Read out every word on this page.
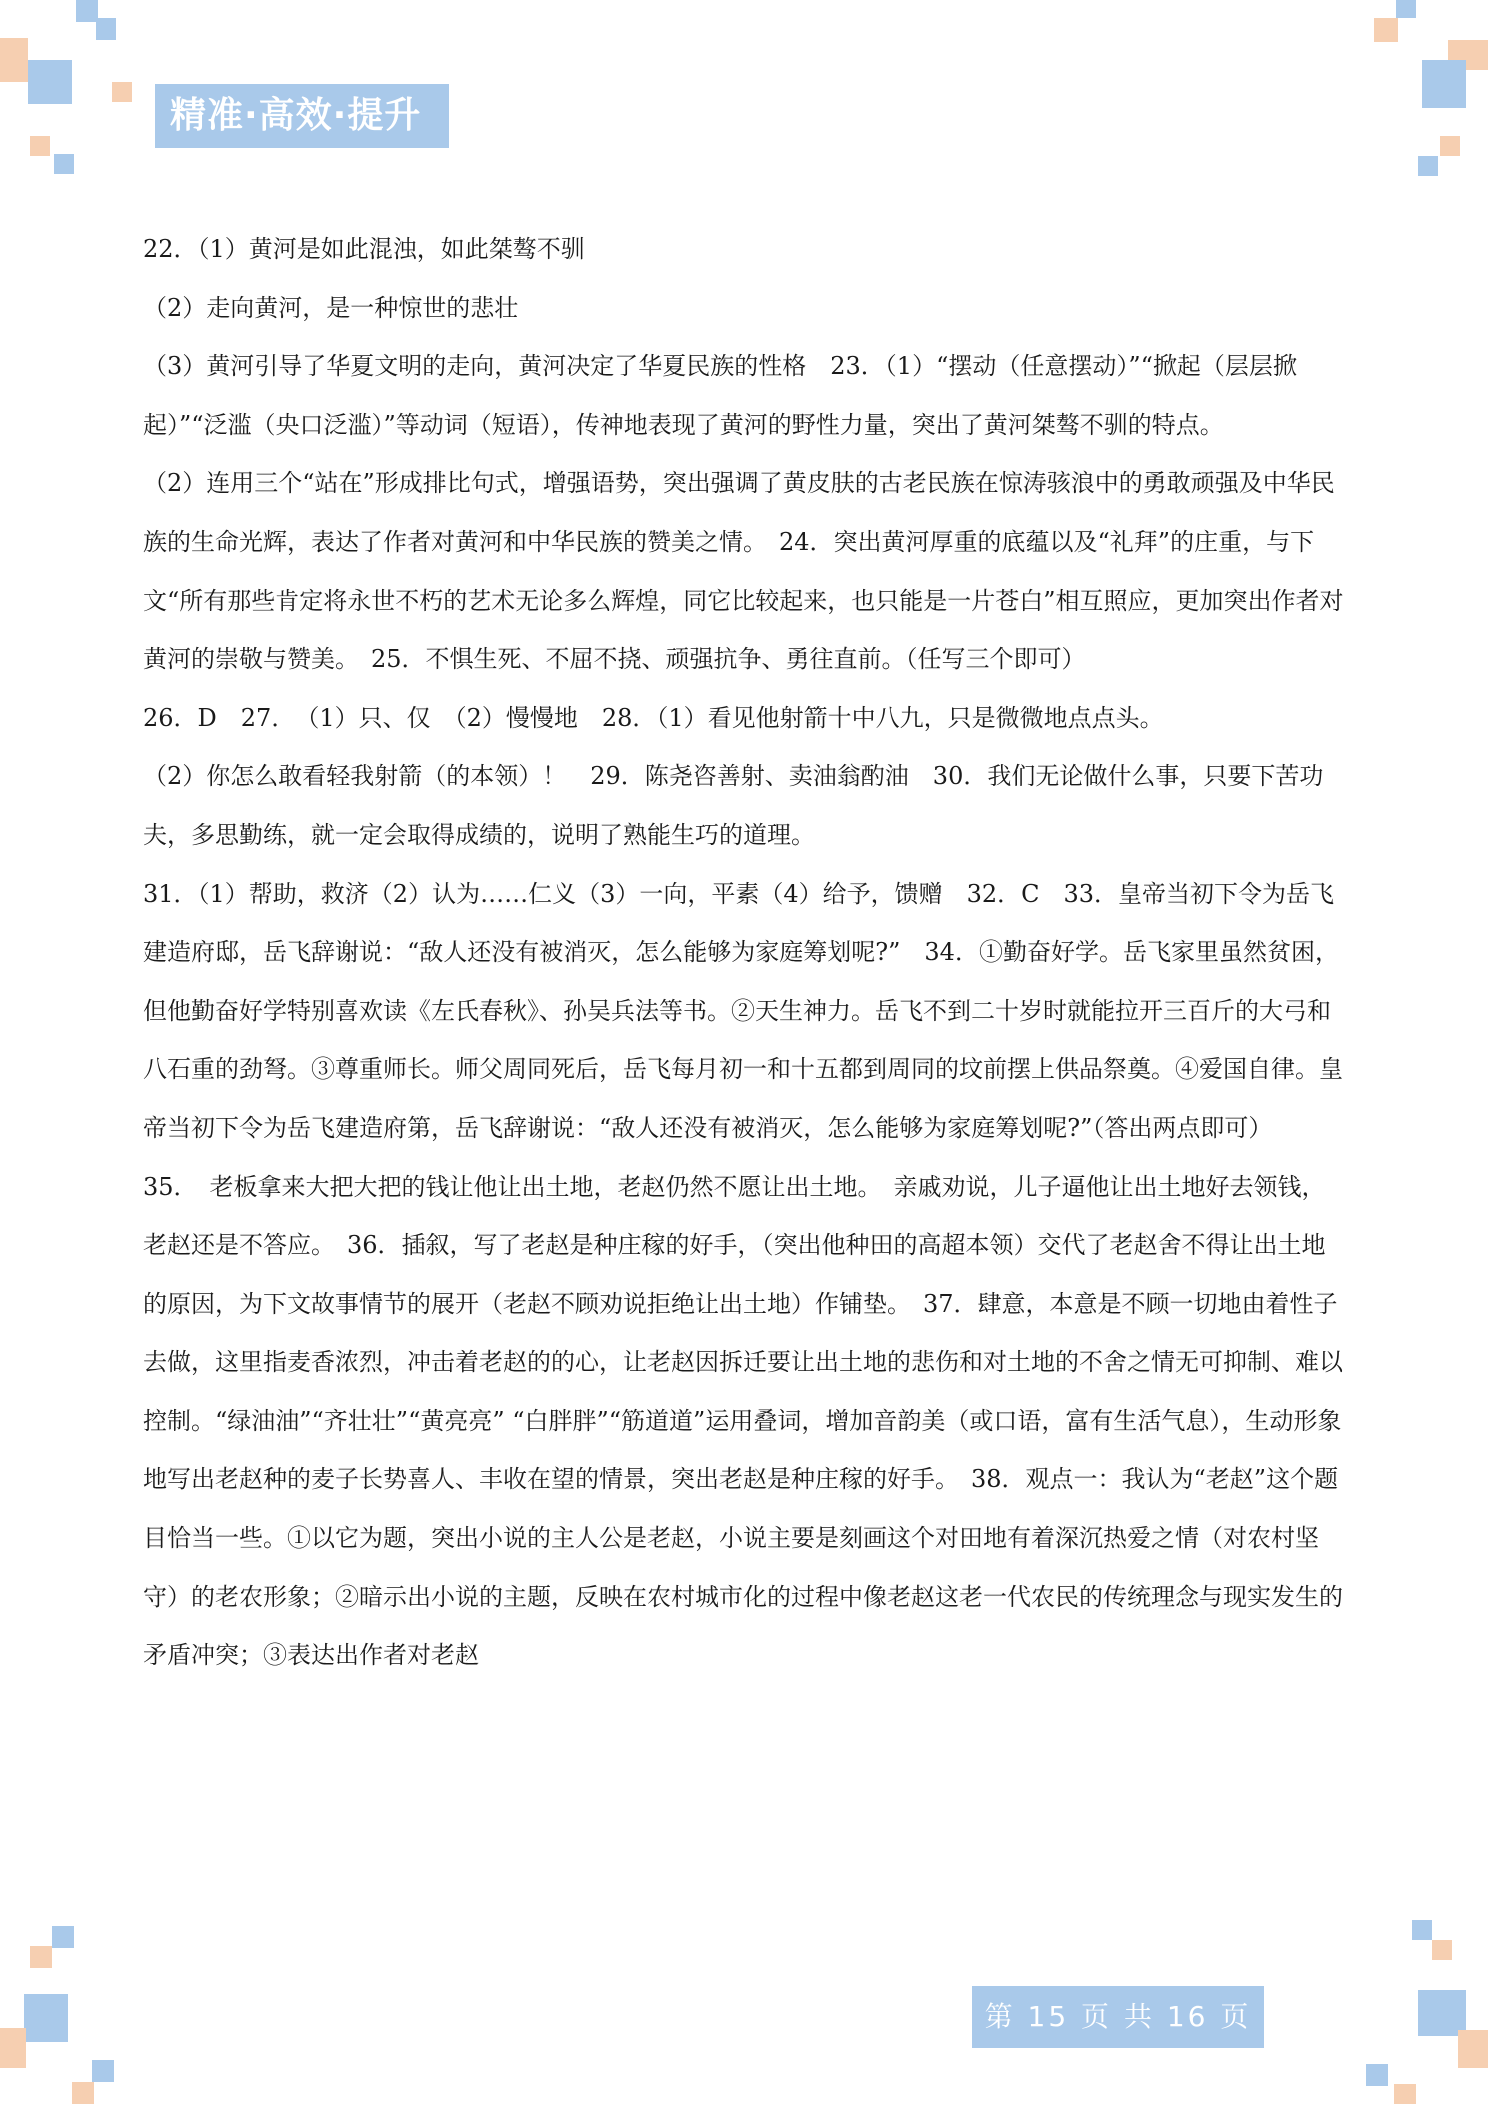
精准·高效·提升

22．（1）黄河是如此混浊，如此桀骜不驯

（2）走向黄河，是一种惊世的悲壮

（3）黄河引导了华夏文明的走向，黄河决定了华夏民族的性格　23．（1）“摆动（任意摆动）”“掀起（层层掀起）”“泛滥（央口泛滥）”等动词（短语），传神地表现了黄河的野性力量，突出了黄河桀骜不驯的特点。

（2）连用三个“站在”形成排比句式，增强语势，突出强调了黄皮肤的古老民族在惊涛骇浪中的勇敢顽强及中华民族的生命光辉，表达了作者对黄河和中华民族的赞美之情。　24．突出黄河厚重的底蕴以及“礼拜”的庄重，与下文“所有那些肯定将永世不朽的艺术无论多么辉煌，同它比较起来，也只能是一片苍白”相互照应，更加突出作者对黄河的崇敬与赞美。　25．不惧生死、不屈不挠、顽强抗争、勇往直前。（任写三个即可）

26．D　27．　（1）只、仅　（2）慢慢地　28．（1）看见他射箭十中八九，只是微微地点点头。

（2）你怎么敢看轻我射箭（的本领）！　29．陈尧咨善射、卖油翁酌油　30．我们无论做什么事，只要下苦功夫，多思勤练，就一定会取得成绩的，说明了熟能生巧的道理。

31．（1）帮助，救济（2）认为……仁义（3）一向，平素（4）给予，馈赠　32．C　33．皇帝当初下令为岳飞建造府邸，岳飞辞谢说：“敌人还没有被消灭，怎么能够为家庭筹划呢?”　34．①勤奋好学。岳飞家里虽然贫困，但他勤奋好学特别喜欢读《左氏春秋》、孙吴兵法等书。②天生神力。岳飞不到二十岁时就能拉开三百斤的大弓和八石重的劲弩。③尊重师长。师父周同死后，岳飞每月初一和十五都到周同的坟前摆上供品祭奠。④爱国自律。皇帝当初下令为岳飞建造府第，岳飞辞谢说：“敌人还没有被消灭，怎么能够为家庭筹划呢?”（答出两点即可）

35．　老板拿来大把大把的钱让他让出土地，老赵仍然不愿让出土地。　亲戚劝说，儿子逼他让出土地好去领钱，老赵还是不答应。　36．插叙，写了老赵是种庄稼的好手，（突出他种田的高超本领）交代了老赵舍不得让出土地的原因，为下文故事情节的展开（老赵不顾劝说拒绝让出土地）作铺垫。　37．肆意，本意是不顾一切地由着性子去做，这里指麦香浓烈，冲击着老赵的的心，让老赵因拆迁要让出土地的悲伤和对土地的不舍之情无可抑制、难以控制。“绿油油”“齐壮壮”“黄亮亮” “白胖胖”“筋道道”运用叠词，增加音韵美（或口语，富有生活气息），生动形象地写出老赵种的麦子长势喜人、丰收在望的情景，突出老赵是种庄稼的好手。　38．观点一：我认为“老赵”这个题目恰当一些。①以它为题，突出小说的主人公是老赵，小说主要是刻画这个对田地有着深沉热爱之情（对农村坚守）的老农形象；②暗示出小说的主题，反映在农村城市化的过程中像老赵这老一代农民的传统理念与现实发生的矛盾冲突；③表达出作者对老赵

第 15 页 共 16 页
